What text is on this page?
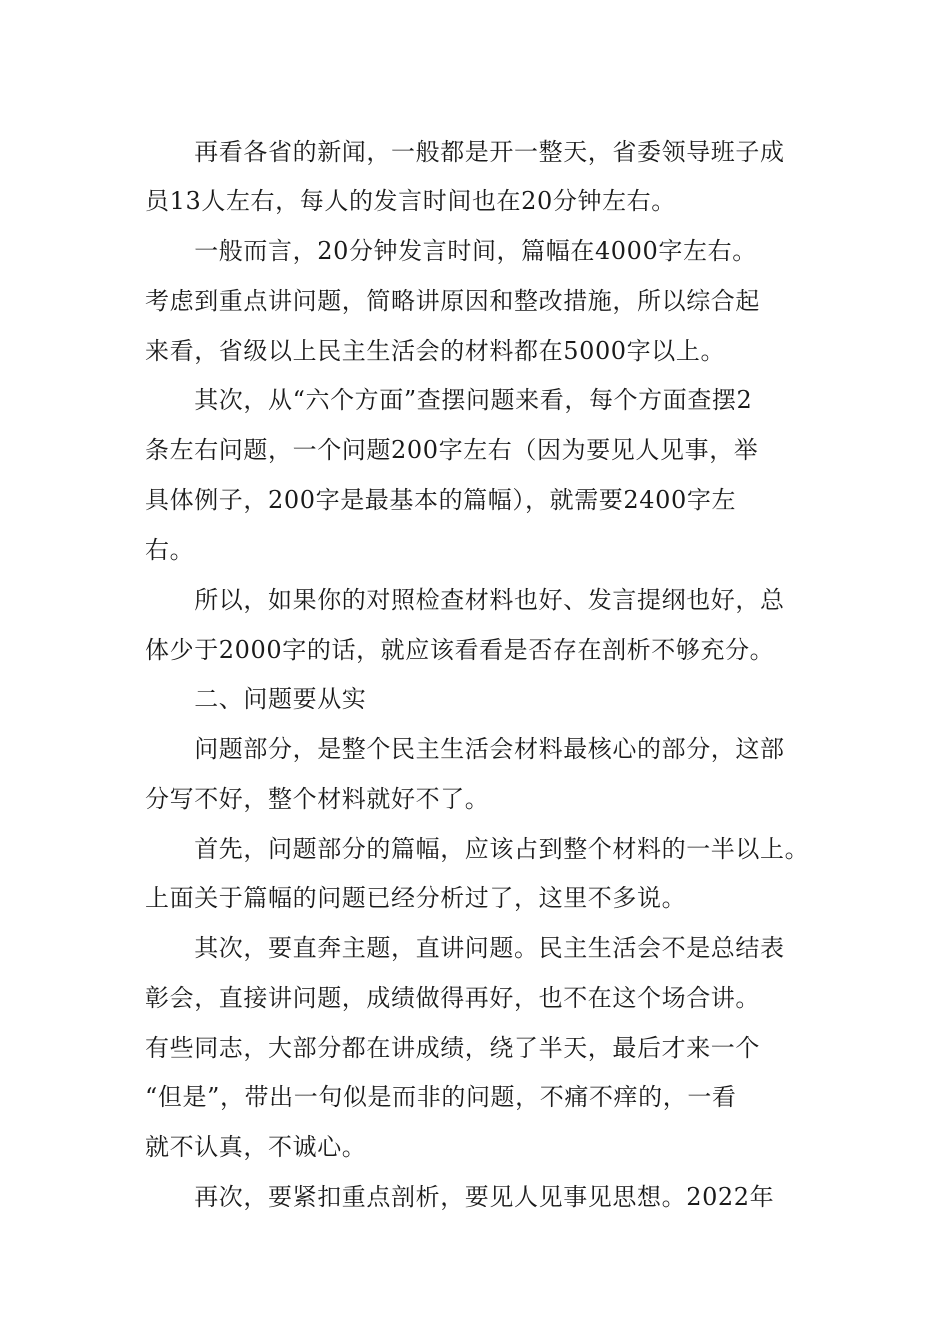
　　再看各省的新闻，一般都是开一整天，省委领导班子成
员13人左右，每人的发言时间也在20分钟左右。
　　一般而言，20分钟发言时间，篇幅在4000字左右。
考虑到重点讲问题，简略讲原因和整改措施，所以综合起
来看，省级以上民主生活会的材料都在5000字以上。
　　其次，从“六个方面”查摆问题来看，每个方面查摆2
条左右问题，一个问题200字左右（因为要见人见事，举
具体例子，200字是最基本的篇幅），就需要2400字左
右。
　　所以，如果你的对照检查材料也好、发言提纲也好，总
体少于2000字的话，就应该看看是否存在剖析不够充分。
　　二、问题要从实
　　问题部分，是整个民主生活会材料最核心的部分，这部
分写不好，整个材料就好不了。
　　首先，问题部分的篇幅，应该占到整个材料的一半以上。
上面关于篇幅的问题已经分析过了，这里不多说。
　　其次，要直奔主题，直讲问题。民主生活会不是总结表
彰会，直接讲问题，成绩做得再好，也不在这个场合讲。
有些同志，大部分都在讲成绩，绕了半天，最后才来一个
“但是”，带出一句似是而非的问题，不痛不痒的，一看
就不认真，不诚心。
　　再次，要紧扣重点剖析，要见人见事见思想。2022年
